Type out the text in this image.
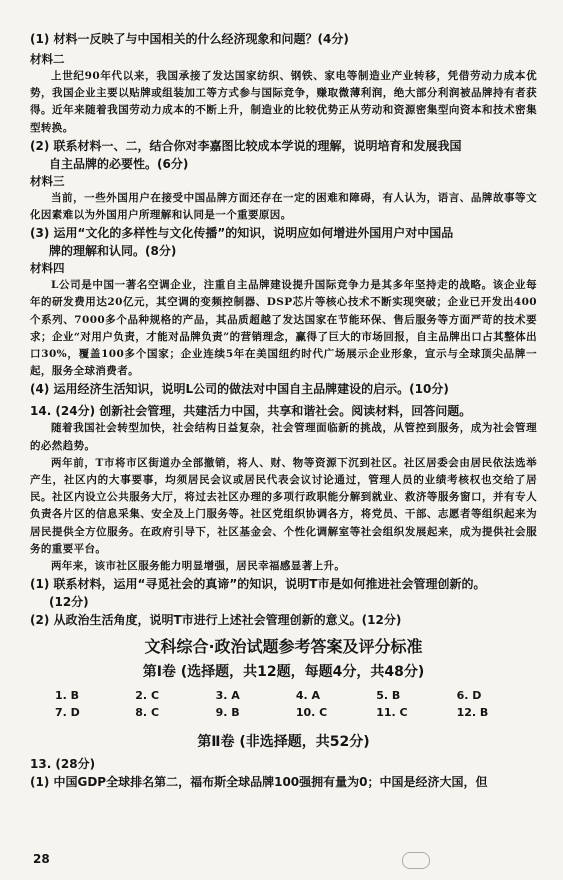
(1) 材料一反映了与中国相关的什么经济现象和问题？(4分)
材料二
上世纪90年代以来，我国承接了发达国家纺织、钢铁、家电等制造业产业转移，凭借劳动力成本优势，我国企业主要以贴牌或组装加工等方式参与国际竞争，赚取微薄利润，绝大部分利润被品牌持有者获得。近年来随着我国劳动力成本的不断上升，制造业的比较优势正从劳动和资源密集型向资本和技术密集型转换。
(2) 联系材料一、二，结合你对李嘉图比较成本学说的理解，说明培育和发展我国
自主品牌的必要性。(6分)
材料三
当前，一些外国用户在接受中国品牌方面还存在一定的困难和障碍，有人认为，语言、品牌故事等文化因素难以为外国用户所理解和认同是一个重要原因。
(3) 运用“文化的多样性与文化传播”的知识，说明应如何增进外国用户对中国品
牌的理解和认同。(8分)
材料四
L公司是中国一著名空调企业，注重自主品牌建设提升国际竞争力是其多年坚持走的战略。该企业每年的研发费用达20亿元，其空调的变频控制器、DSP芯片等核心技术不断实现突破；企业已开发出400个系列、7000多个品种规格的产品，其品质超越了发达国家在节能环保、售后服务等方面严苛的技术要求；企业“对用户负责，才能对品牌负责”的营销理念，赢得了巨大的市场回报，自主品牌出口占其整体出口30%，覆盖100多个国家；企业连续5年在美国纽约时代广场展示企业形象，宣示与全球顶尖品牌一起，服务全球消费者。
(4) 运用经济生活知识，说明L公司的做法对中国自主品牌建设的启示。(10分)
14. (24分) 创新社会管理，共建活力中国，共享和谐社会。阅读材料，回答问题。
随着我国社会转型加快，社会结构日益复杂，社会管理面临新的挑战，从管控到服务，成为社会管理的必然趋势。
两年前，T市将市区街道办全部撤销，将人、财、物等资源下沉到社区。社区居委会由居民依法选举产生，社区内的大事要事，均须居民会议或居民代表会议讨论通过，管理人员的业绩考核权也交给了居民。社区内设立公共服务大厅，将过去社区办理的多项行政职能分解到就业、救济等服务窗口，并有专人负责各片区的信息采集、安全及上门服务等。社区党组织协调各方，将党员、干部、志愿者等组织起来为居民提供全方位服务。在政府引导下，社区基金会、个性化调解室等社会组织发展起来，成为提供社会服务的重要平台。
两年来，该市社区服务能力明显增强，居民幸福感显著上升。
(1) 联系材料，运用“寻觅社会的真谛”的知识，说明T市是如何推进社会管理创新的。
(12分)
(2) 从政治生活角度，说明T市进行上述社会管理创新的意义。(12分)
文科综合·政治试题参考答案及评分标准
第Ⅰ卷 (选择题，共12题，每题4分，共48分)
1. B	2. C	3. A	4. A	5. B	6. D
7. D	8. C	9. B	10. C	11. C	12. B
第Ⅱ卷 (非选择题，共52分)
13. (28分)
(1) 中国GDP全球排名第二，福布斯全球品牌100强拥有量为0；中国是经济大国，但
28
